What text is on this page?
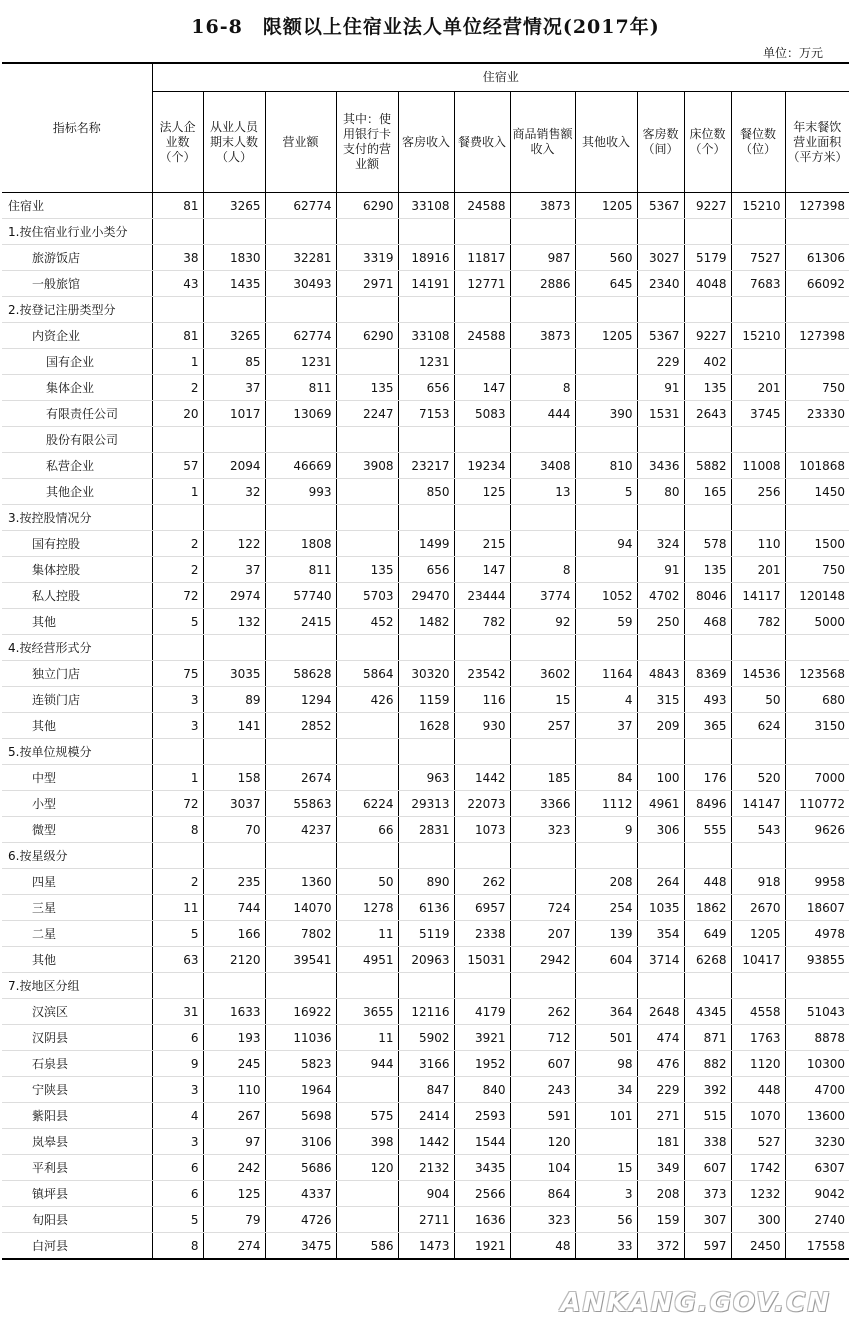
16-8　限额以上住宿业法人单位经营情况(2017年)
单位：万元
指标名称	住宿业											
	法人企业数（个）	从业人员期末人数（人）	营业额	其中：使用银行卡支付的营业额	客房收入	餐费收入	商品销售额收入	其他收入	客房数（间）	床位数（个）	餐位数（位）	年末餐饮营业面积（平方米）
住宿业	81	3265	62774	6290	33108	24588	3873	1205	5367	9227	15210	127398
1.按住宿业行业小类分												
旅游饭店	38	1830	32281	3319	18916	11817	987	560	3027	5179	7527	61306
一般旅馆	43	1435	30493	2971	14191	12771	2886	645	2340	4048	7683	66092
2.按登记注册类型分												
内资企业	81	3265	62774	6290	33108	24588	3873	1205	5367	9227	15210	127398
国有企业	1	85	1231		1231				229	402		
集体企业	2	37	811	135	656	147	8		91	135	201	750
有限责任公司	20	1017	13069	2247	7153	5083	444	390	1531	2643	3745	23330
股份有限公司												
私营企业	57	2094	46669	3908	23217	19234	3408	810	3436	5882	11008	101868
其他企业	1	32	993		850	125	13	5	80	165	256	1450
3.按控股情况分												
国有控股	2	122	1808		1499	215		94	324	578	110	1500
集体控股	2	37	811	135	656	147	8		91	135	201	750
私人控股	72	2974	57740	5703	29470	23444	3774	1052	4702	8046	14117	120148
其他	5	132	2415	452	1482	782	92	59	250	468	782	5000
4.按经营形式分												
独立门店	75	3035	58628	5864	30320	23542	3602	1164	4843	8369	14536	123568
连锁门店	3	89	1294	426	1159	116	15	4	315	493	50	680
其他	3	141	2852		1628	930	257	37	209	365	624	3150
5.按单位规模分												
中型	1	158	2674		963	1442	185	84	100	176	520	7000
小型	72	3037	55863	6224	29313	22073	3366	1112	4961	8496	14147	110772
微型	8	70	4237	66	2831	1073	323	9	306	555	543	9626
6.按星级分												
四星	2	235	1360	50	890	262		208	264	448	918	9958
三星	11	744	14070	1278	6136	6957	724	254	1035	1862	2670	18607
二星	5	166	7802	11	5119	2338	207	139	354	649	1205	4978
其他	63	2120	39541	4951	20963	15031	2942	604	3714	6268	10417	93855
7.按地区分组												
汉滨区	31	1633	16922	3655	12116	4179	262	364	2648	4345	4558	51043
汉阴县	6	193	11036	11	5902	3921	712	501	474	871	1763	8878
石泉县	9	245	5823	944	3166	1952	607	98	476	882	1120	10300
宁陕县	3	110	1964		847	840	243	34	229	392	448	4700
紫阳县	4	267	5698	575	2414	2593	591	101	271	515	1070	13600
岚皋县	3	97	3106	398	1442	1544	120		181	338	527	3230
平利县	6	242	5686	120	2132	3435	104	15	349	607	1742	6307
镇坪县	6	125	4337		904	2566	864	3	208	373	1232	9042
旬阳县	5	79	4726		2711	1636	323	56	159	307	300	2740
白河县	8	274	3475	586	1473	1921	48	33	372	597	2450	17558
ANKANG.GOV.CN
